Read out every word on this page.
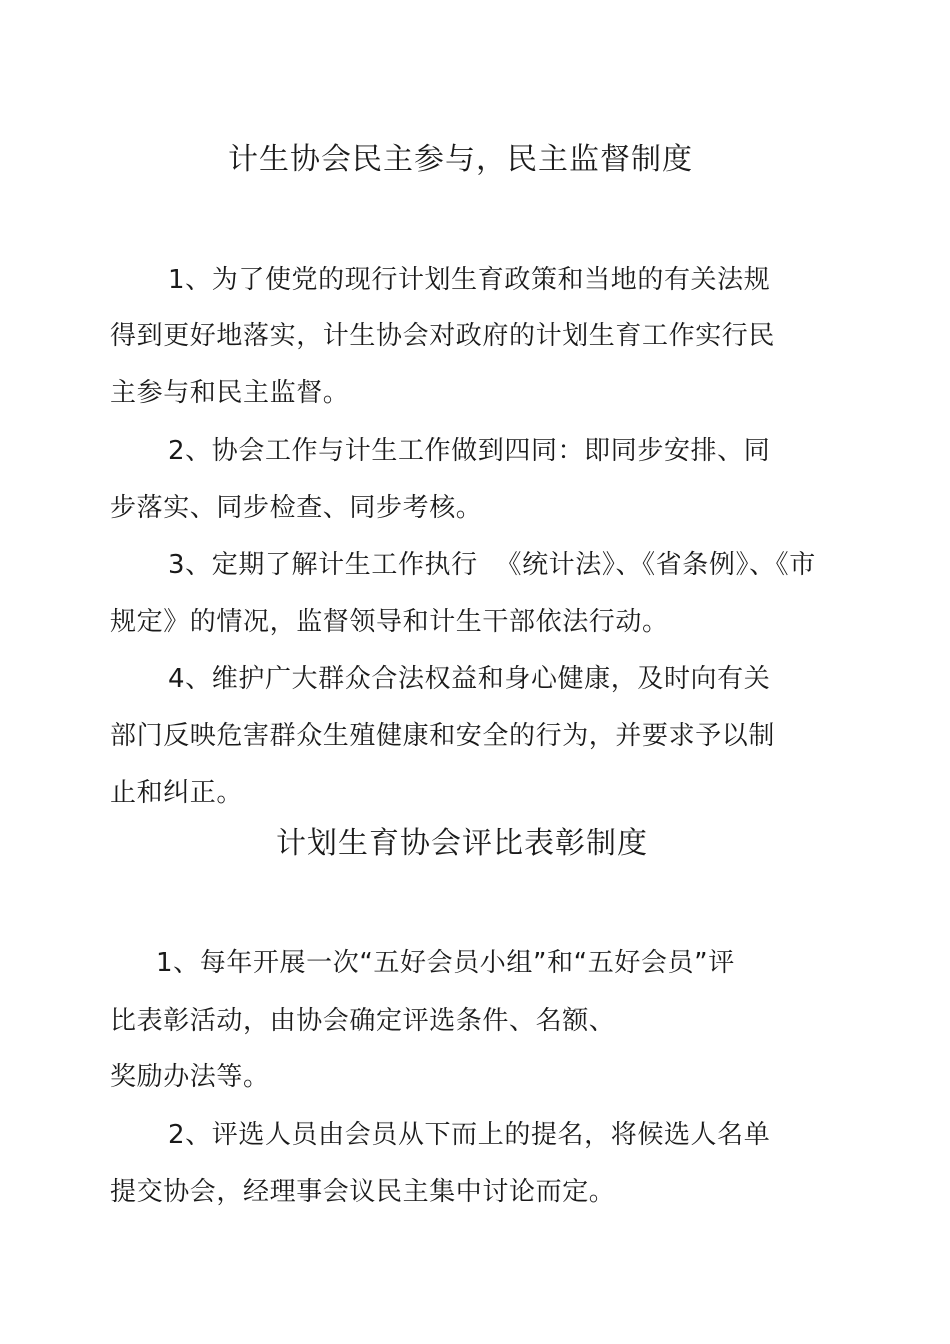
计生协会民主参与，民主监督制度
1、为了使党的现行计划生育政策和当地的有关法规
得到更好地落实，计生协会对政府的计划生育工作实行民
主参与和民主监督。
2、协会工作与计生工作做到四同：即同步安排、同
步落实、同步检查、同步考核。
3、定期了解计生工作执行  《统计法》、《省条例》、《市
规定》的情况，监督领导和计生干部依法行动。
4、维护广大群众合法权益和身心健康，及时向有关
部门反映危害群众生殖健康和安全的行为，并要求予以制
止和纠正。
计划生育协会评比表彰制度
1、每年开展一次“五好会员小组”和“五好会员”评
比表彰活动，由协会确定评选条件、名额、
奖励办法等。
2、评选人员由会员从下而上的提名，将候选人名单
提交协会，经理事会议民主集中讨论而定。
